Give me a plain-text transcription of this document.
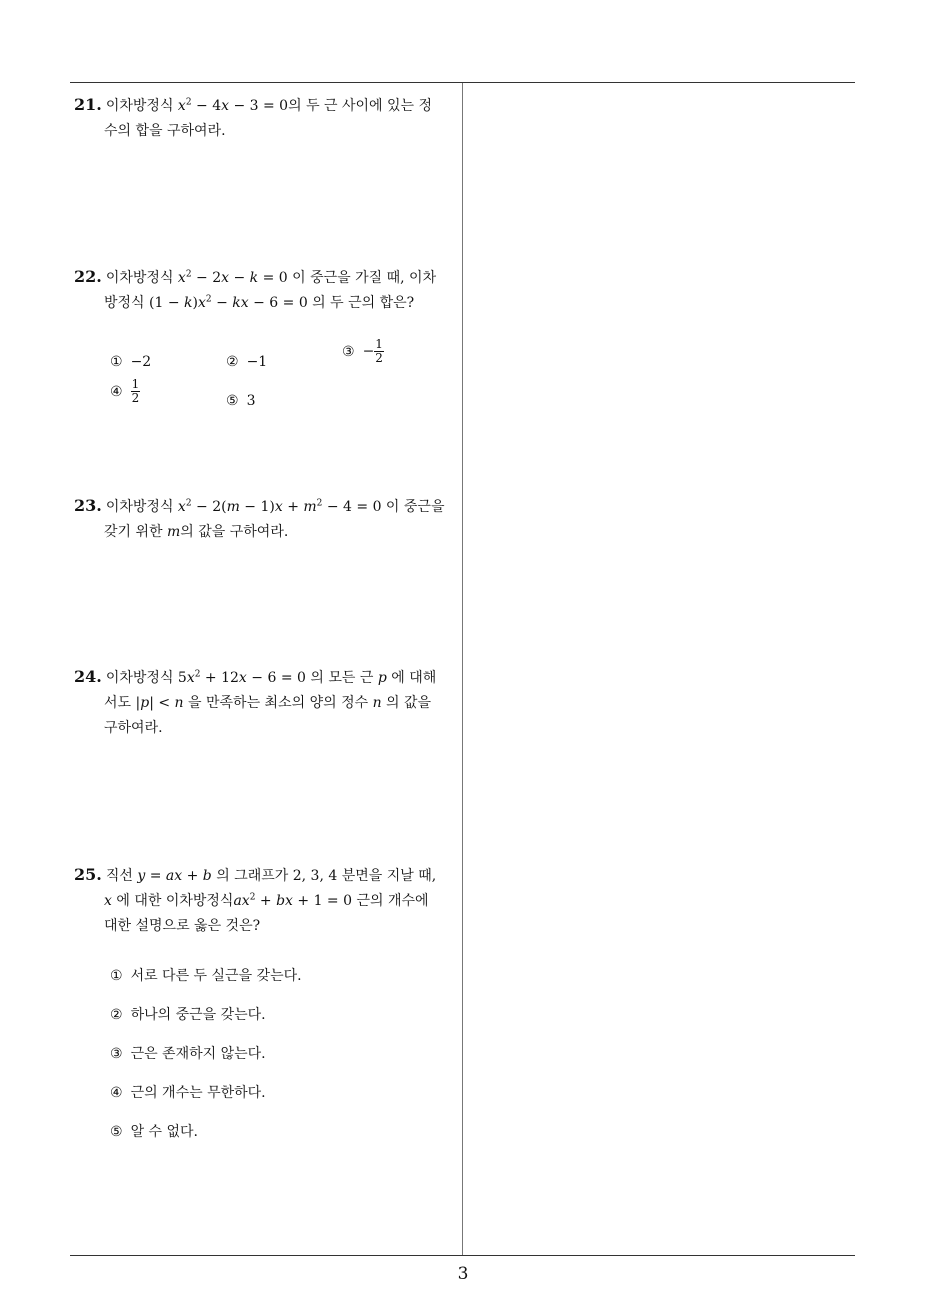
21. 이차방정식 $x^2 - 4x - 3 = 0$의 두 근 사이에 있는 정
수의 합을 구하여라.
22. 이차방정식 $x^2 - 2x - k = 0$ 이 중근을 가질 때, 이차
방정식 $(1 - k)x^2$ − kx − 6 = 0 의 두 근의 합은?
① −2	② −1
③ − $\frac{1}{2}$
④ $\frac{1}{2}$	⑤ 3
23. 이차방정식 $x^2 - 2(m - 1)x + m^2 - 4 = 0$ 이 중근을
갖기 위한 m의 값을 구하여라.
24. 이차방정식 $5x^2 + 12x - 6 = 0$ 의 모든 근 p 에 대해
서도 |p| < n 을 만족하는 최소의 양의 정수 n 의 값을
구하여라.
25. 직선 y = ax + b 의 그래프가 2, 3, 4 분면을 지날 때,
x 에 대한 이차방정식$ax^2$ + bx + 1 = 0 근의 개수에
대한 설명으로 옳은 것은?
① 서로 다른 두 실근을 갖는다.
② 하나의 중근을 갖는다.
③ 근은 존재하지 않는다.
④ 근의 개수는 무한하다.
⑤ 알 수 없다.
3
